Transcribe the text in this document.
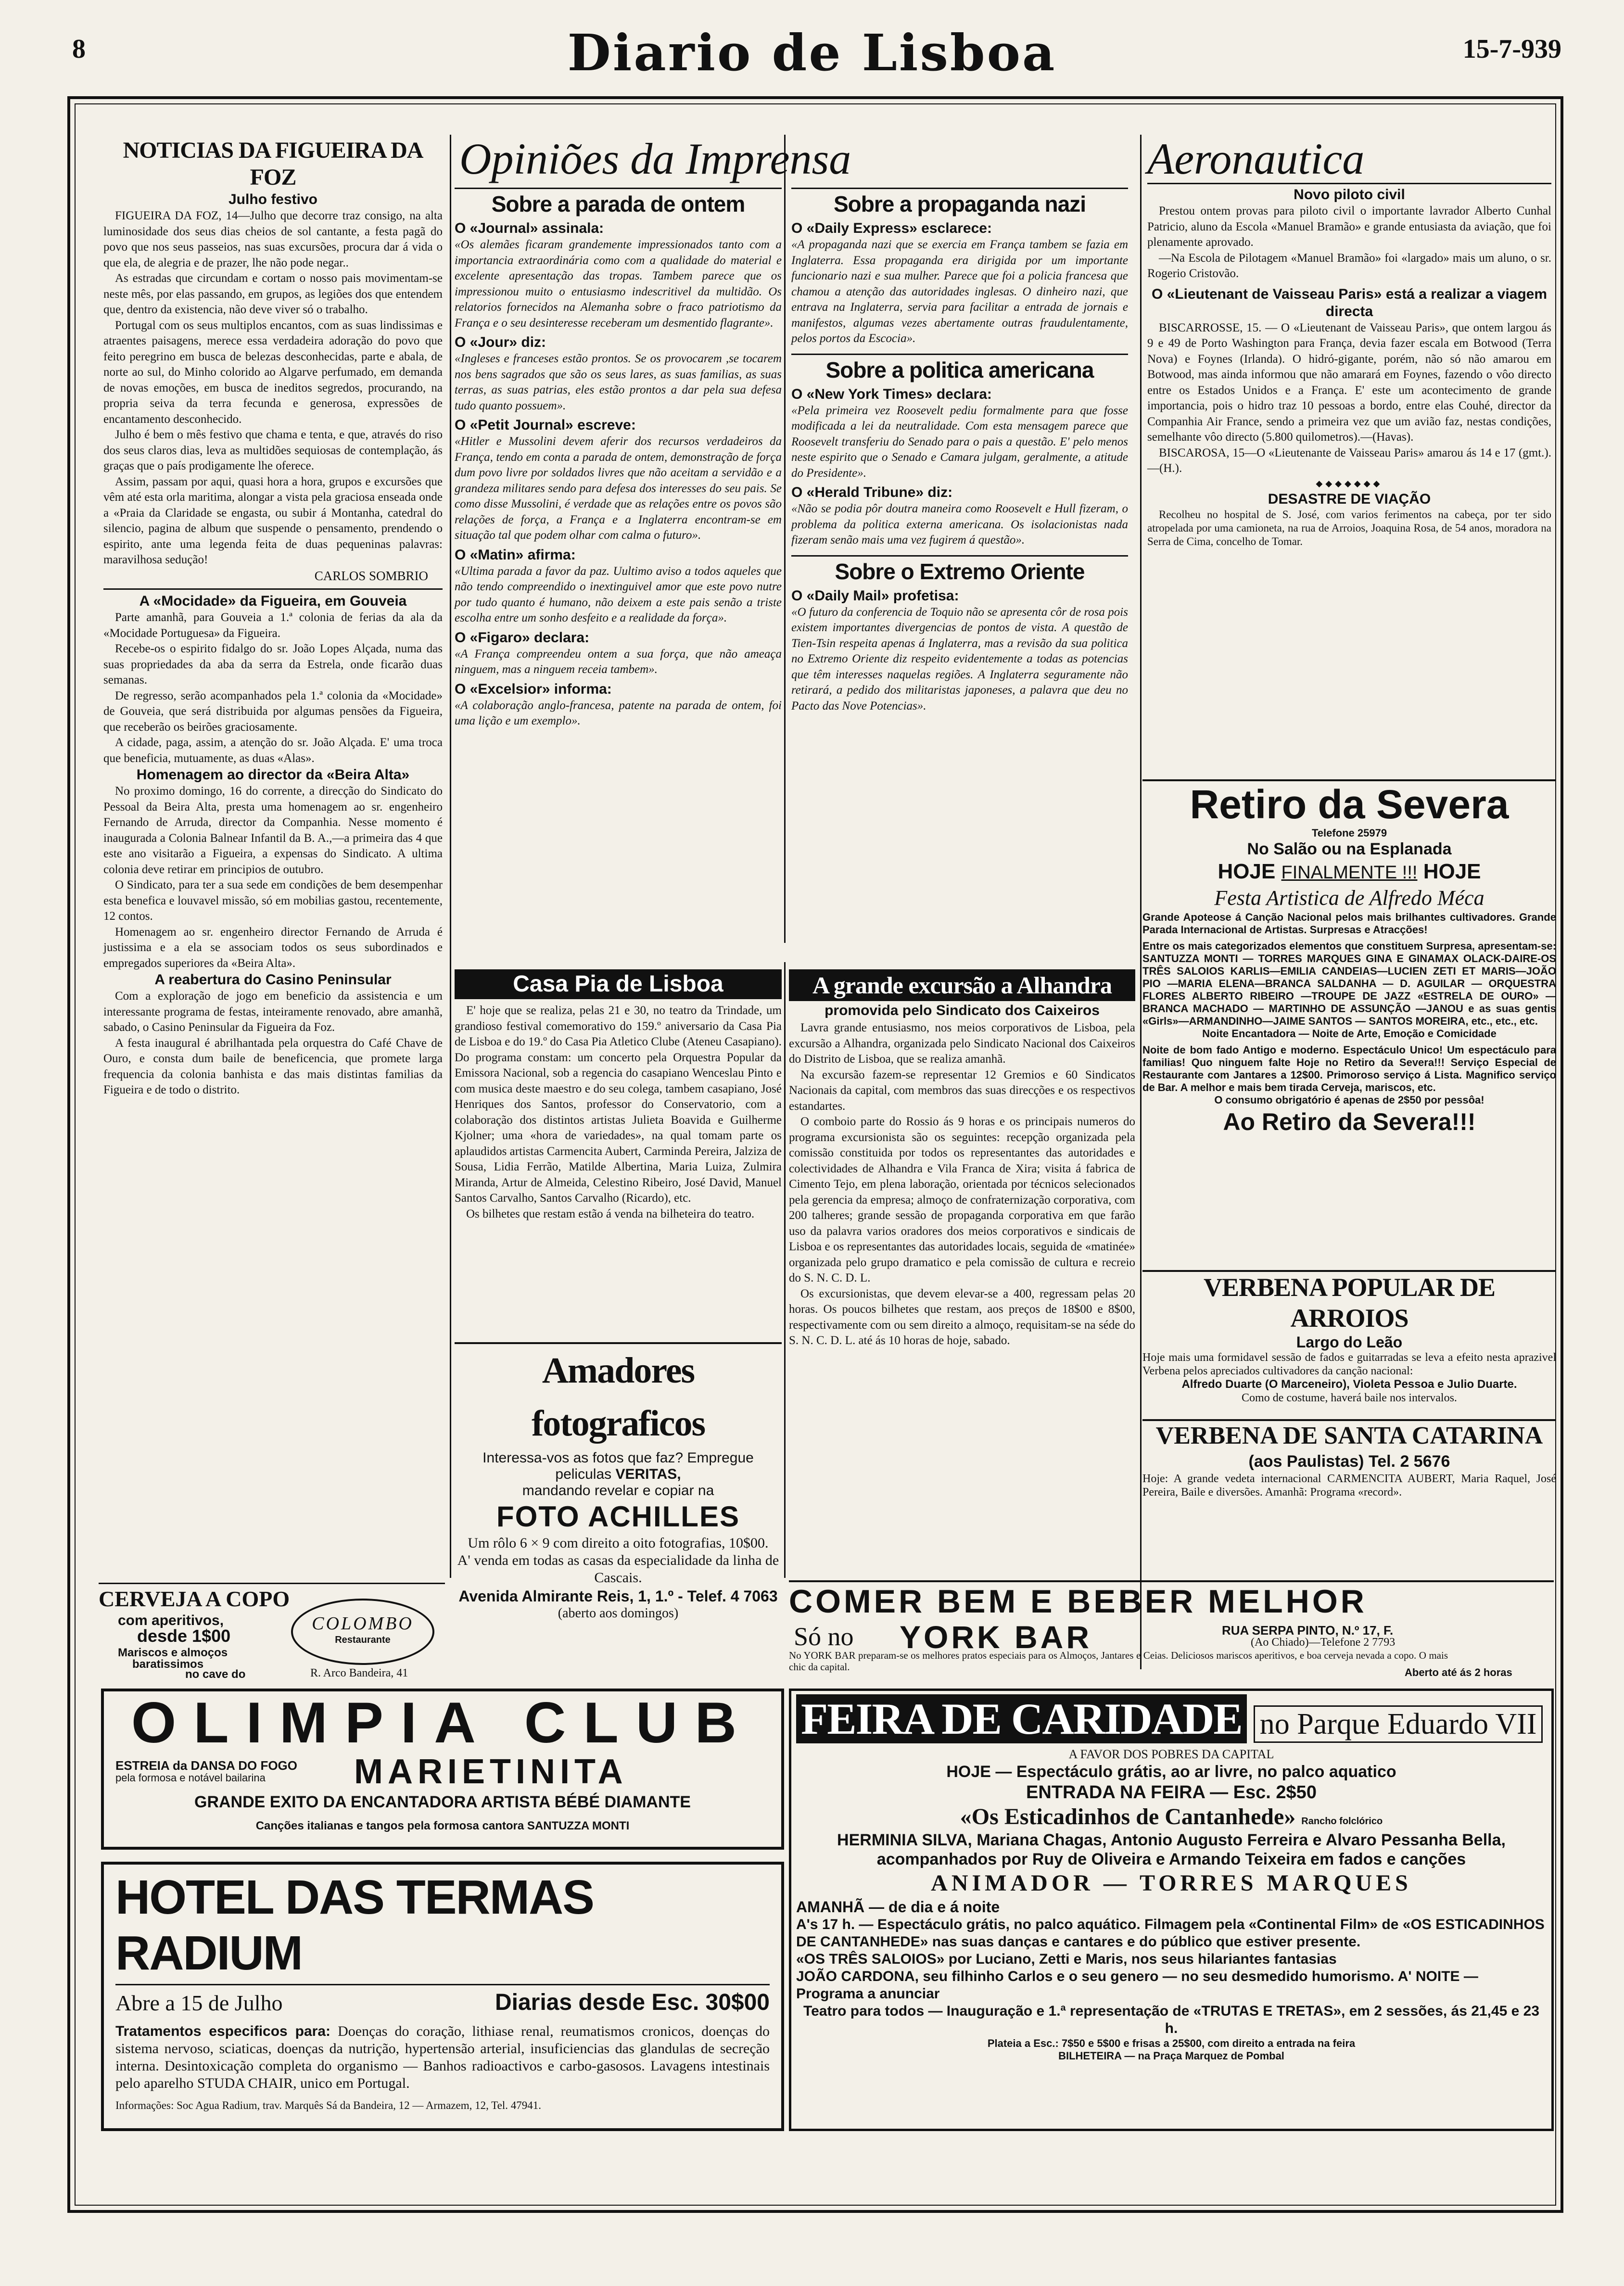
8	Diario de Lisboa	15-7-939
NOTICIAS DA FIGUEIRA DA FOZ
Julho festivo

FIGUEIRA DA FOZ, 14—Julho que decorre traz consigo, na alta luminosidade dos seus dias cheios de sol cantante, a festa pagã do povo que nos seus passeios, nas suas excursões, procura dar á vida o que ela, de alegria e de prazer, lhe não pode negar..

As estradas que circundam e cortam o nosso pais movimentam-se neste mês, por elas passando, em grupos, as legiões dos que entendem que, dentro da existencia, não deve viver só o trabalho.

Portugal com os seus multiplos encantos, com as suas lindissimas e atraentes paisagens, merece essa verdadeira adoração do povo que feito peregrino em busca de belezas desconhecidas, parte e abala, de norte ao sul, do Minho colorido ao Algarve perfumado, em demanda de novas emoções, em busca de ineditos segredos, procurando, na propria seiva da terra fecunda e generosa, expressões de encantamento desconhecido.

Julho é bem o mês festivo que chama e tenta, e que, através do riso dos seus claros dias, leva as multidões sequiosas de contemplação, ás graças que o país prodigamente lhe oferece.

Assim, passam por aqui, quasi hora a hora, grupos e excursões que vêm até esta orla maritima, alongar a vista pela graciosa enseada onde a «Praia da Claridade se engasta, ou subir á Montanha, catedral do silencio, pagina de album que suspende o pensamento, prendendo o espirito, ante uma legenda feita de duas pequeninas palavras: maravilhosa sedução!

CARLOS SOMBRIO
A «Mocidade» da Figueira, em Gouveia

Parte amanhã, para Gouveia a 1.ª colonia de ferias da ala da «Mocidade Portuguesa» da Figueira.

Recebe-os o espirito fidalgo do sr. João Lopes Alçada, numa das suas propriedades da aba da serra da Estrela, onde ficarão duas semanas.

De regresso, serão acompanhados pela 1.ª colonia da «Mocidade» de Gouveia, que será distribuida por algumas pensões da Figueira, que receberão os beirões graciosamente.

A cidade, paga, assim, a atenção do sr. João Alçada. E' uma troca que beneficia, mutuamente, as duas «Alas».

Homenagem ao director da «Beira Alta»

No proximo domingo, 16 do corrente, a direcção do Sindicato do Pessoal da Beira Alta, presta uma homenagem ao sr. engenheiro Fernando de Arruda, director da Companhia. Nesse momento é inaugurada a Colonia Balnear Infantil da B. A.,—a primeira das 4 que este ano visitarão a Figueira, a expensas do Sindicato. A ultima colonia deve retirar em principios de outubro.

O Sindicato, para ter a sua sede em condições de bem desempenhar esta benefica e louvavel missão, só em mobilias gastou, recentemente, 12 contos.

Homenagem ao sr. engenheiro director Fernando de Arruda é justissima e a ela se associam todos os seus subordinados e empregados superiores da «Beira Alta».

A reabertura do Casino Peninsular

Com a exploração de jogo em beneficio da assistencia e um interessante programa de festas, inteiramente renovado, abre amanhã, sabado, o Casino Peninsular da Figueira da Foz.

A festa inaugural é abrilhantada pela orquestra do Café Chave de Ouro, e consta dum baile de beneficencia, que promete larga frequencia da colonia banhista e das mais distintas familias da Figueira e de todo o distrito.

CERVEJA A COPO
com aperitivos,
desde 1$00
Mariscos e almoços
baratissimos
no cave do
COLOMBO
Restaurante
R. Arco Bandeira, 41
Opiniões da Imprensa
Sobre a parada de ontem
O «Journal» assinala:
«Os alemães ficaram grandemente impressionados tanto com a importancia extraordinária como com a qualidade do material e excelente apresentação das tropas. Tambem parece que os impressionou muito o entusiasmo indescritivel da multidão. Os relatorios fornecidos na Alemanha sobre o fraco patriotismo da França e o seu desinteresse receberam um desmentido flagrante».
O «Jour» diz:
«Ingleses e franceses estão prontos. Se os provocarem ,se tocarem nos bens sagrados que são os seus lares, as suas familias, as suas terras, as suas patrias, eles estão prontos a dar pela sua defesa tudo quanto possuem».
O «Petit Journal» escreve:
«Hitler e Mussolini devem aferir dos recursos verdadeiros da França, tendo em conta a parada de ontem, demonstração de força dum povo livre por soldados livres que não aceitam a servidão e a grandeza militares sendo para defesa dos interesses do seu pais. Se como disse Mussolini, é verdade que as relações entre os povos são relações de força, a França e a Inglaterra encontram-se em situação tal que podem olhar com calma o futuro».
O «Matin» afirma:
«Ultima parada a favor da paz. Uultimo aviso a todos aqueles que não tendo compreendido o inextinguivel amor que este povo nutre por tudo quanto é humano, não deixem a este pais senão a triste escolha entre um sonho desfeito e a realidade da força».
O «Figaro» declara:
«A França compreendeu ontem a sua força, que não ameaça ninguem, mas a ninguem receia tambem».
O «Excelsior» informa:
«A colaboração anglo-francesa, patente na parada de ontem, foi uma lição e um exemplo».
Sobre a propaganda nazi
O «Daily Express» esclarece:
«A propaganda nazi que se exercia em França tambem se fazia em Inglaterra. Essa propaganda era dirigida por um importante funcionario nazi e sua mulher. Parece que foi a policia francesa que chamou a atenção das autoridades inglesas. O dinheiro nazi, que entrava na Inglaterra, servia para facilitar a entrada de jornais e manifestos, algumas vezes abertamente outras fraudulentamente, pelos portos da Escocia».
Sobre a politica americana
O «New York Times» declara:
«Pela primeira vez Roosevelt pediu formalmente para que fosse modificada a lei da neutralidade. Com esta mensagem parece que Roosevelt transferiu do Senado para o pais a questão. E' pelo menos neste espirito que o Senado e Camara julgam, geralmente, a atitude do Presidente».
O «Herald Tribune» diz:
«Não se podia pôr doutra maneira como Roosevelt e Hull fizeram, o problema da politica externa americana. Os isolacionistas nada fizeram senão mais uma vez fugirem á questão».
Sobre o Extremo Oriente
O «Daily Mail» profetisa:
«O futuro da conferencia de Toquio não se apresenta côr de rosa pois existem importantes divergencias de pontos de vista. A questão de Tien-Tsin respeita apenas á Inglaterra, mas a revisão da sua politica no Extremo Oriente diz respeito evidentemente a todas as potencias que têm interesses naquelas regiões. A Inglaterra seguramente não retirará, a pedido dos militaristas japoneses, a palavra que deu no Pacto das Nove Potencias».
Aeronautica
Novo piloto civil

Prestou ontem provas para piloto civil o importante lavrador Alberto Cunhal Patricio, aluno da Escola «Manuel Bramão» e grande entusiasta da aviação, que foi plenamente aprovado.

—Na Escola de Pilotagem «Manuel Bramão» foi «largado» mais um aluno, o sr. Rogerio Cristovão.

O «Lieutenant de Vaisseau Paris» está a realizar a viagem directa

BISCARROSSE, 15. — O «Lieutenant de Vaisseau Paris», que ontem largou ás 9 e 49 de Porto Washington para França, devia fazer escala em Botwood (Terra Nova) e Foynes (Irlanda). O hidró-gigante, porém, não só não amarou em Botwood, mas ainda informou que não amarará em Foynes, fazendo o vôo directo entre os Estados Unidos e a França. E' este um acontecimento de grande importancia, pois o hidro traz 10 pessoas a bordo, entre elas Couhé, director da Companhia Air France, sendo a primeira vez que um avião faz, nestas condições, semelhante vôo directo (5.800 quilometros).—(Havas).

BISCAROSA, 15—O «Lieutenante de Vaisseau Paris» amarou ás 14 e 17 (gmt.).—(H.).

◆◆◆◆◆◆◆
DESASTRE DE VIAÇÃO

Recolheu no hospital de S. José, com varios ferimentos na cabeça, por ter sido atropelada por uma camioneta, na rua de Arroios, Joaquina Rosa, de 54 anos, moradora na Serra de Cima, concelho de Tomar.

Retiro da Severa
Telefone 25979
No Salão ou na Esplanada
HOJE FINALMENTE !!! HOJE
Festa Artistica de Alfredo Méca
Grande Apoteose á Canção Nacional pelos mais brilhantes cultivadores. Grande Parada Internacional de Artistas. Surpresas e Atracções!
Entre os mais categorizados elementos que constituem Surpresa, apresentam-se: SANTUZZA MONTI — TORRES MARQUES GINA E GINAMAX OLACK-DAIRE-OS TRÊS SALOIOS KARLIS—EMILIA CANDEIAS—LUCIEN ZETI ET MARIS—JOÃO PIO —MARIA ELENA—BRANCA SALDANHA — D. AGUILAR — ORQUESTRA FLORES ALBERTO RIBEIRO —TROUPE DE JAZZ «ESTRELA DE OURO» —BRANCA MACHADO — MARTINHO DE ASSUNÇÃO —JANOU e as suas gentis «Girls»—ARMANDINHO—JAIME SANTOS — SANTOS MOREIRA, etc., etc., etc.
Noite Encantadora — Noite de Arte, Emoção e Comicidade
Noite de bom fado Antigo e moderno. Espectáculo Unico! Um espectáculo para familias! Quo ninguem falte Hoje no Retiro da Severa!!! Serviço Especial de Restaurante com Jantares a 12$00. Primoroso serviço á Lista. Magnifico serviço de Bar. A melhor e mais bem tirada Cerveja, mariscos, etc.
O consumo obrigatório é apenas de 2$50 por pessôa!
Ao Retiro da Severa!!!
VERBENA POPULAR DE ARROIOS
Largo do Leão
Hoje mais uma formidavel sessão de fados e guitarradas se leva a efeito nesta aprazivel Verbena pelos apreciados cultivadores da canção nacional:
Alfredo Duarte (O Marceneiro), Violeta Pessoa e Julio Duarte.
Como de costume, haverá baile nos intervalos.
VERBENA DE SANTA CATARINA
(aos Paulistas) Tel. 2 5676
Hoje: A grande vedeta internacional CARMENCITA AUBERT, Maria Raquel, José Pereira, Baile e diversões. Amanhã: Programa «record».
Casa Pia de Lisboa

E' hoje que se realiza, pelas 21 e 30, no teatro da Trindade, um grandioso festival comemorativo do 159.º aniversario da Casa Pia de Lisboa e do 19.º do Casa Pia Atletico Clube (Ateneu Casapiano). Do programa constam: um concerto pela Orquestra Popular da Emissora Nacional, sob a regencia do casapiano Wenceslau Pinto e com musica deste maestro e do seu colega, tambem casapiano, José Henriques dos Santos, professor do Conservatorio, com a colaboração dos distintos artistas Julieta Boavida e Guilherme Kjolner; uma «hora de variedades», na qual tomam parte os aplaudidos artistas Carmencita Aubert, Carminda Pereira, Jalziza de Sousa, Lidia Ferrão, Matilde Albertina, Maria Luiza, Zulmira Miranda, Artur de Almeida, Celestino Ribeiro, José David, Manuel Santos Carvalho, Santos Carvalho (Ricardo), etc.

Os bilhetes que restam estão á venda na bilheteira do teatro.

Amadores fotograficos
Interessa-vos as fotos que faz? Empregue peliculas VERITAS,
mandando revelar e copiar na
FOTO ACHILLES
Um rôlo 6 × 9 com direito a oito fotografias, 10$00.
A' venda em todas as casas da especialidade da linha de Cascais.
Avenida Almirante Reis, 1, 1.º - Telef. 4 7063
(aberto aos domingos)
A grande excursão a Alhandra
promovida pelo Sindicato dos Caixeiros

Lavra grande entusiasmo, nos meios corporativos de Lisboa, pela excursão a Alhandra, organizada pelo Sindicato Nacional dos Caixeiros do Distrito de Lisboa, que se realiza amanhã.

Na excursão fazem-se representar 12 Gremios e 60 Sindicatos Nacionais da capital, com membros das suas direcções e os respectivos estandartes.

O comboio parte do Rossio ás 9 horas e os principais numeros do programa excursionista são os seguintes: recepção organizada pela comissão constituida por todos os representantes das autoridades e colectividades de Alhandra e Vila Franca de Xira; visita á fabrica de Cimento Tejo, em plena laboração, orientada por técnicos selecionados pela gerencia da empresa; almoço de confraternização corporativa, com 200 talheres; grande sessão de propaganda corporativa em que farão uso da palavra varios oradores dos meios corporativos e sindicais de Lisboa e os representantes das autoridades locais, seguida de «matinée» organizada pelo grupo dramatico e pela comissão de cultura e recreio do S. N. C. D. L.

Os excursionistas, que devem elevar-se a 400, regressam pelas 20 horas. Os poucos bilhetes que restam, aos preços de 18$00 e 8$00, respectivamente com ou sem direito a almoço, requisitam-se na séde do S. N. C. D. L. até ás 10 horas de hoje, sabado.

COMER BEM E BEBER MELHOR
Só no YORK BAR	RUA SERPA PINTO, N.º 17, F.
(Ao Chiado)—Telefone 2 7793
No YORK BAR preparam-se os melhores pratos especiais para os Almoços, Jantares e Ceias. Deliciosos mariscos aperitivos, e boa cerveja nevada a copo. O mais chic da capital.	Aberto até ás 2 horas
OLIMPIA CLUB
ESTREIA da DANSA DO FOGO
pela formosa e notável bailarina	MARIETINITA
GRANDE EXITO DA ENCANTADORA ARTISTA BÉBÉ DIAMANTE
Canções italianas e tangos pela formosa cantora SANTUZZA MONTI
HOTEL DAS TERMAS RADIUM
Abre a 15 de Julho	Diarias desde Esc. 30$00
Tratamentos especificos para: Doenças do coração, lithiase renal, reumatismos cronicos, doenças do sistema nervoso, sciaticas, doenças da nutrição, hypertensão arterial, insuficiencias das glandulas de secreção interna. Desintoxicação completa do organismo — Banhos radioactivos e carbo-gasosos. Lavagens intestinais pelo aparelho STUDA CHAIR, unico em Portugal.
Informações: Soc Agua Radium, trav. Marquês Sá da Bandeira, 12 — Armazem, 12, Tel. 47941.
FEIRA DE CARIDADE no Parque Eduardo VII
A FAVOR DOS POBRES DA CAPITAL
HOJE — Espectáculo grátis, ao ar livre, no palco aquatico
ENTRADA NA FEIRA — Esc. 2$50
«Os Esticadinhos de Cantanhede» Rancho folclórico
HERMINIA SILVA, Mariana Chagas, Antonio Augusto Ferreira e Alvaro Pessanha Bella, acompanhados por Ruy de Oliveira e Armando Teixeira em fados e canções
ANIMADOR — TORRES MARQUES
AMANHÃ — de dia e á noite
A's 17 h. — Espectáculo grátis, no palco aquático. Filmagem pela «Continental Film» de «OS ESTICADINHOS DE CANTANHEDE» nas suas danças e cantares e do público que estiver presente.
«OS TRÊS SALOIOS» por Luciano, Zetti e Maris, nos seus hilariantes fantasias
JOÃO CARDONA, seu filhinho Carlos e o seu genero — no seu desmedido humorismo. A' NOITE — Programa a anunciar
Teatro para todos — Inauguração e 1.ª representação de «TRUTAS E TRETAS», em 2 sessões, ás 21,45 e 23 h.
Plateia a Esc.: 7$50 e 5$00 e frisas a 25$00, com direito a entrada na feira
BILHETEIRA — na Praça Marquez de Pombal
